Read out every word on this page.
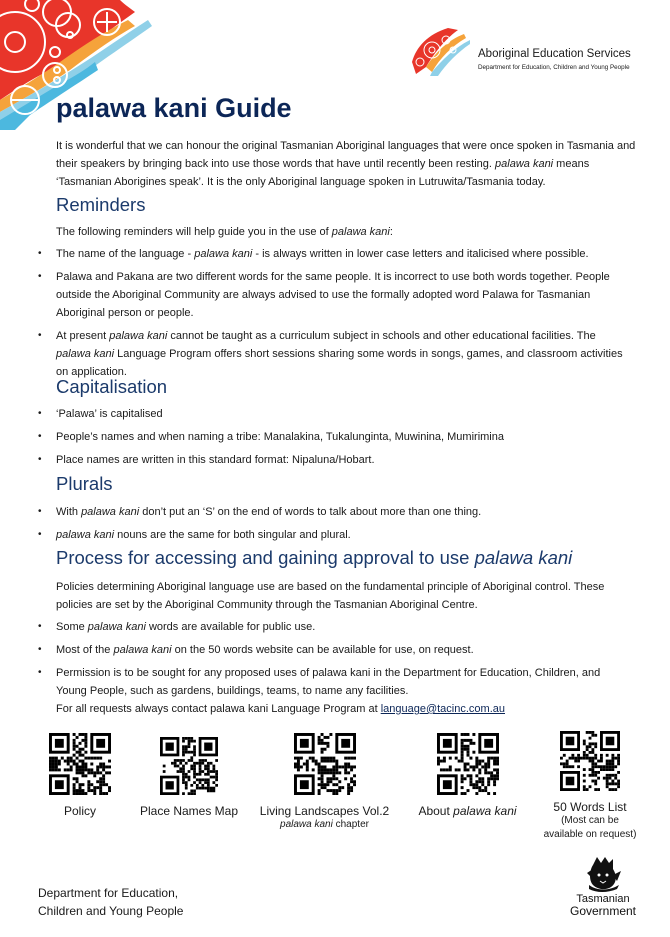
Aboriginal Education Services
Department for Education, Children and Young People
palawa kani Guide

It is wonderful that we can honour the original Tasmanian Aboriginal languages that were once spoken in Tasmania and their speakers by bringing back into use those words that have until recently been resting. palawa kani means ‘Tasmanian Aborigines speak’. It is the only Aboriginal language spoken in Lutruwita/Tasmania today.

Reminders

The following reminders will help guide you in the use of palawa kani:

• The name of the language - palawa kani - is always written in lower case letters and italicised where possible.
• Palawa and Pakana are two different words for the same people. It is incorrect to use both words together. People outside the Aboriginal Community are always advised to use the formally adopted word Palawa for Tasmanian Aboriginal person or people.
• At present palawa kani cannot be taught as a curriculum subject in schools and other educational facilities. The palawa kani Language Program offers short sessions sharing some words in songs, games, and classroom activities on application.
Capitalisation
• ‘Palawa’ is capitalised
• People’s names and when naming a tribe: Manalakina, Tukalunginta, Muwinina, Mumirimina
• Place names are written in this standard format: Nipaluna/Hobart.
Plurals
• With palawa kani don’t put an ‘S’ on the end of words to talk about more than one thing.
• palawa kani nouns are the same for both singular and plural.
Process for accessing and gaining approval to use palawa kani

Policies determining Aboriginal language use are based on the fundamental principle of Aboriginal control. These policies are set by the Aboriginal Community through the Tasmanian Aboriginal Centre.

• Some palawa kani words are available for public use.
• Most of the palawa kani on the 50 words website can be available for use, on request.
• Permission is to be sought for any proposed uses of palawa kani in the Department for Education, Children, and Young People, such as gardens, buildings, teams, to name any facilities.

For all requests always contact palawa kani Language Program at language@tacinc.com.au

Policy	Place Names Map	Living Landscapes Vol.2
palawa kani chapter
About palawa kani	50 Words List
(Most can be available on request)
Department for Education,
Children and Young People
Tasmanian
Government
